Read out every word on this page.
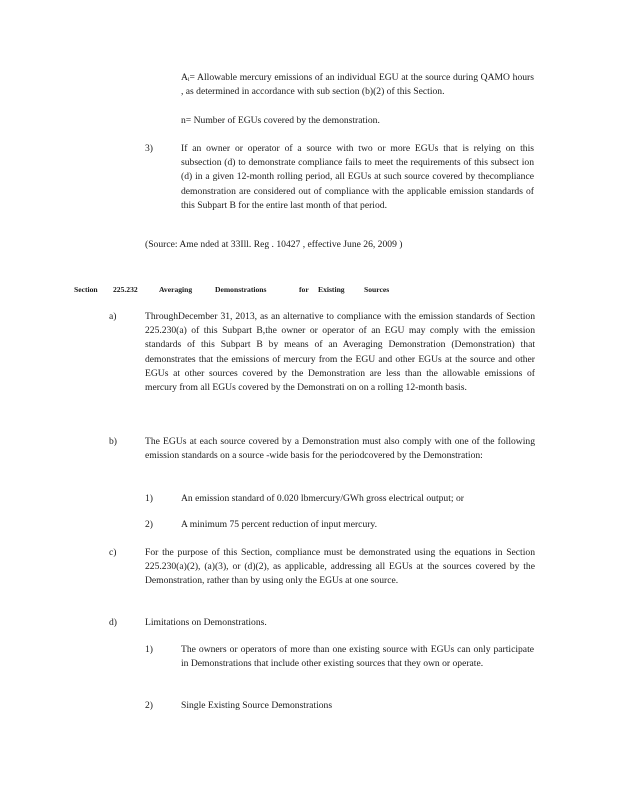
Aᵢ= Allowable mercury emissions of an individual EGU at the source during QAMO hours , as determined in accordance with sub section (b)(2) of this Section.
n= Number of EGUs covered by the demonstration.
3)	If an owner or operator of a source with two or more EGUs that is relying on this subsection (d) to demonstrate compliance fails to meet the requirements of this subsect ion (d) in a given 12-month rolling period, all EGUs at such source covered by thecompliance demonstration are considered out of compliance with the applicable emission standards of this Subpart B for the entire last month of that period.
(Source: Ame nded at 33Ill. Reg . 10427 , effective June 26, 2009 )
Section 225.232	Averaging	Demonstrations	for Existing	Sources
a)	ThroughDecember 31, 2013, as an alternative to compliance with the emission standards of Section 225.230(a) of this Subpart B,the owner or operator of an EGU may comply with the emission standards of this Subpart B by means of an Averaging Demonstration (Demonstration) that demonstrates that the emissions of mercury from the EGU and other EGUs at the source and other EGUs at other sources covered by the Demonstration are less than the allowable emissions of mercury from all EGUs covered by the Demonstrati on on a rolling 12-month basis.
b)	The EGUs at each source covered by a Demonstration must also comply with one of the following emission standards on a source -wide basis for the periodcovered by the Demonstration:
1)	An emission standard of 0.020 lbmercury/GWh gross electrical output; or
2)	A minimum 75 percent reduction of input mercury.
c)	For the purpose of this Section, compliance must be demonstrated using the equations in Section 225.230(a)(2), (a)(3), or (d)(2), as applicable, addressing all EGUs at the sources covered by the Demonstration, rather than by using only the EGUs at one source.
d)	Limitations on Demonstrations.
1)	The owners or operators of more than one existing source with EGUs can only participate in Demonstrations that include other existing sources that they own or operate.
2)	Single Existing Source Demonstrations
